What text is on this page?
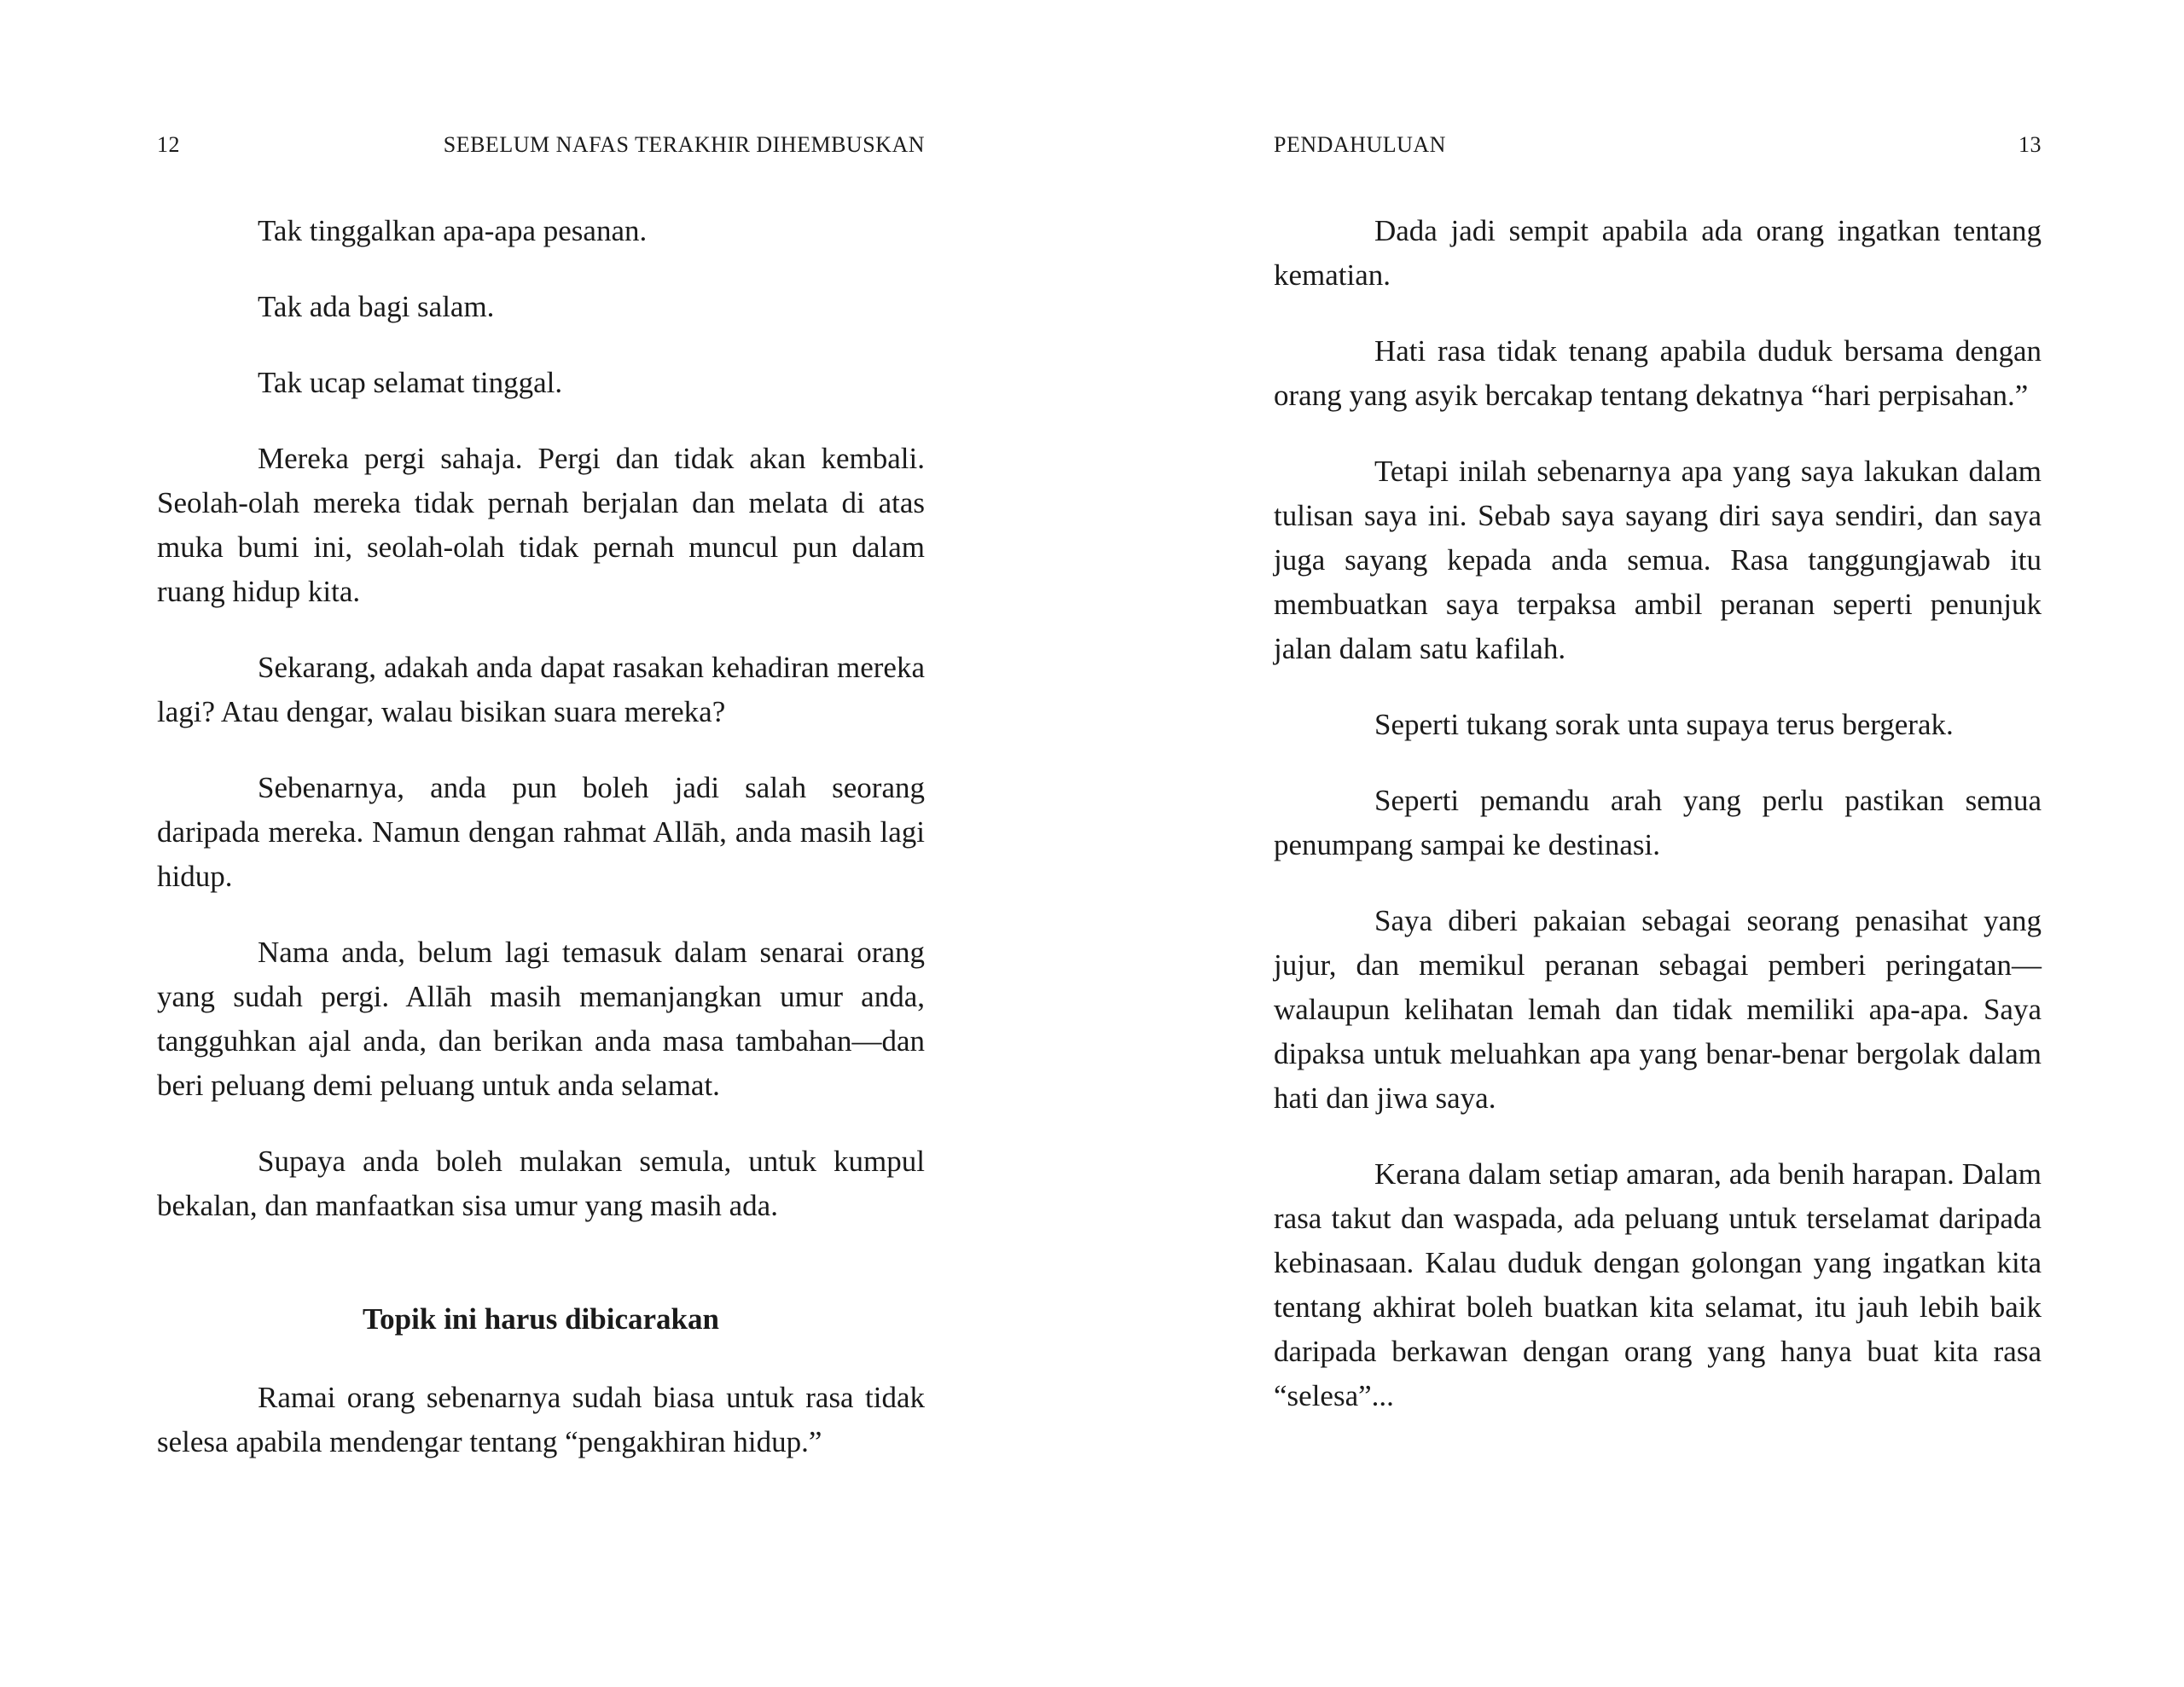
12	SEBELUM NAFAS TERAKHIR DIHEMBUSKAN

Tak tinggalkan apa-apa pesanan.

Tak ada bagi salam.

Tak ucap selamat tinggal.

Mereka pergi sahaja. Pergi dan tidak akan kembali. Seolah-olah mereka tidak pernah berjalan dan melata di atas muka bumi ini, seolah-olah tidak pernah muncul pun dalam ruang hidup kita.

Sekarang, adakah anda dapat rasakan kehadiran mereka lagi? Atau dengar, walau bisikan suara mereka?

Sebenarnya, anda pun boleh jadi salah seorang daripada mereka. Namun dengan rahmat Allāh, anda masih lagi hidup.

Nama anda, belum lagi temasuk dalam senarai orang yang sudah pergi. Allāh masih memanjangkan umur anda, tangguhkan ajal anda, dan berikan anda masa tambahan—dan beri peluang demi peluang untuk anda selamat.

Supaya anda boleh mulakan semula, untuk kumpul bekalan, dan manfaatkan sisa umur yang masih ada.

Topik ini harus dibicarakan

Ramai orang sebenarnya sudah biasa untuk rasa tidak selesa apabila mendengar tentang “pengakhiran hidup.”

PENDAHULUAN	13

Dada jadi sempit apabila ada orang ingatkan tentang kematian.

Hati rasa tidak tenang apabila duduk bersama dengan orang yang asyik bercakap tentang dekatnya “hari perpisahan.”

Tetapi inilah sebenarnya apa yang saya lakukan dalam tulisan saya ini. Sebab saya sayang diri saya sendiri, dan saya juga sayang kepada anda semua. Rasa tanggungjawab itu membuatkan saya terpaksa ambil peranan seperti penunjuk jalan dalam satu kafilah.

Seperti tukang sorak unta supaya terus bergerak.

Seperti pemandu arah yang perlu pastikan semua penumpang sampai ke destinasi.

Saya diberi pakaian sebagai seorang penasihat yang jujur, dan memikul peranan sebagai pemberi peringatan—walaupun kelihatan lemah dan tidak memiliki apa-apa. Saya dipaksa untuk meluahkan apa yang benar-benar bergolak dalam hati dan jiwa saya.

Kerana dalam setiap amaran, ada benih harapan. Dalam rasa takut dan waspada, ada peluang untuk terselamat daripada kebinasaan. Kalau duduk dengan golongan yang ingatkan kita tentang akhirat boleh buatkan kita selamat, itu jauh lebih baik daripada berkawan dengan orang yang hanya buat kita rasa “selesa”...
